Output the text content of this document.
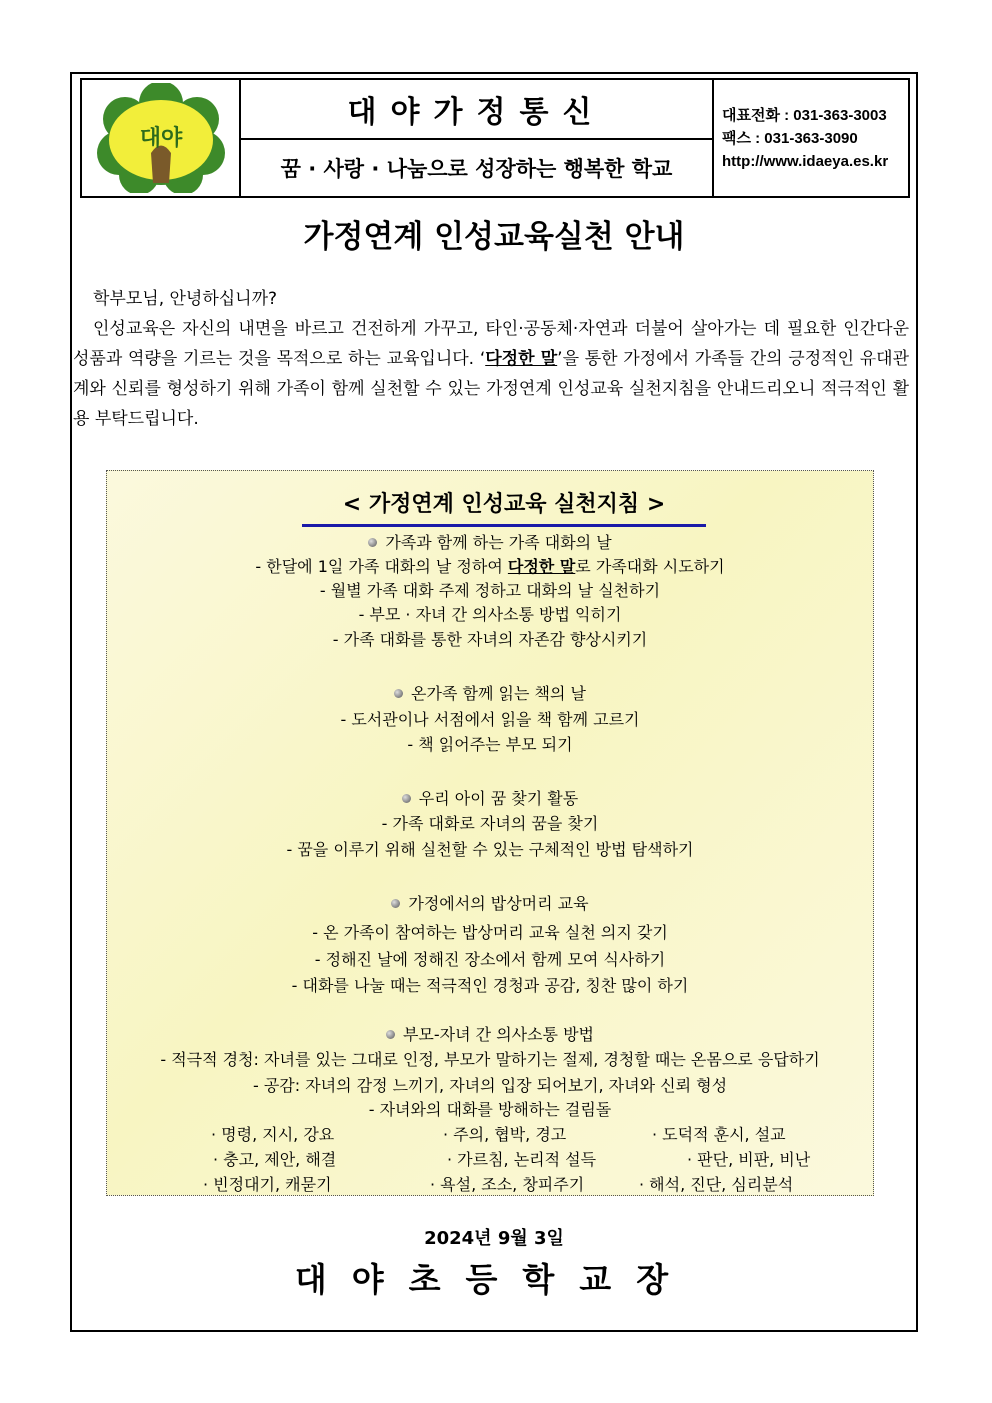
대야
대야가정통신
꿈 · 사랑 · 나눔으로 성장하는 행복한 학교
대표전화 : 031-363-3003
팩스 : 031-363-3090
http://www.idaeya.es.kr
가정연계 인성교육실천 안내

학부모님, 안녕하십니까?

인성교육은 자신의 내면을 바르고 건전하게 가꾸고, 타인·공동체·자연과 더불어 살아가는 데 필요한 인간다운 성품과 역량을 기르는 것을 목적으로 하는 교육입니다. ‘다정한 말’을 통한 가정에서 가족들 간의 긍정적인 유대관계와 신뢰를 형성하기 위해 가족이 함께 실천할 수 있는 가정연계 인성교육 실천지침을 안내드리오니 적극적인 활용 부탁드립니다.

< 가정연계 인성교육 실천지침 >
가족과 함께 하는 가족 대화의 날
- 한달에 1일 가족 대화의 날 정하여 다정한 말로 가족대화 시도하기
- 월별 가족 대화 주제 정하고 대화의 날 실천하기
- 부모 · 자녀 간 의사소통 방법 익히기
- 가족 대화를 통한 자녀의 자존감 향상시키기
온가족 함께 읽는 책의 날
- 도서관이나 서점에서 읽을 책 함께 고르기
- 책 읽어주는 부모 되기
우리 아이 꿈 찾기 활동
- 가족 대화로 자녀의 꿈을 찾기
- 꿈을 이루기 위해 실천할 수 있는 구체적인 방법 탐색하기
가정에서의 밥상머리 교육
- 온 가족이 참여하는 밥상머리 교육 실천 의지 갖기
- 정해진 날에 정해진 장소에서 함께 모여 식사하기
- 대화를 나눌 때는 적극적인 경청과 공감, 칭찬 많이 하기
부모-자녀 간 의사소통 방법
- 적극적 경청: 자녀를 있는 그대로 인정, 부모가 말하기는 절제, 경청할 때는 온몸으로 응답하기
- 공감: 자녀의 감정 느끼기, 자녀의 입장 되어보기, 자녀와 신뢰 형성
- 자녀와의 대화를 방해하는 걸림돌
· 명령, 지시, 강요	· 주의, 협박, 경고	· 도덕적 훈시, 설교
· 충고, 제안, 해결	· 가르침, 논리적 설득	· 판단, 비판, 비난
· 빈정대기, 캐묻기	· 욕설, 조소, 창피주기	· 해석, 진단, 심리분석
2024년 9월 3일
대야초등학교장
